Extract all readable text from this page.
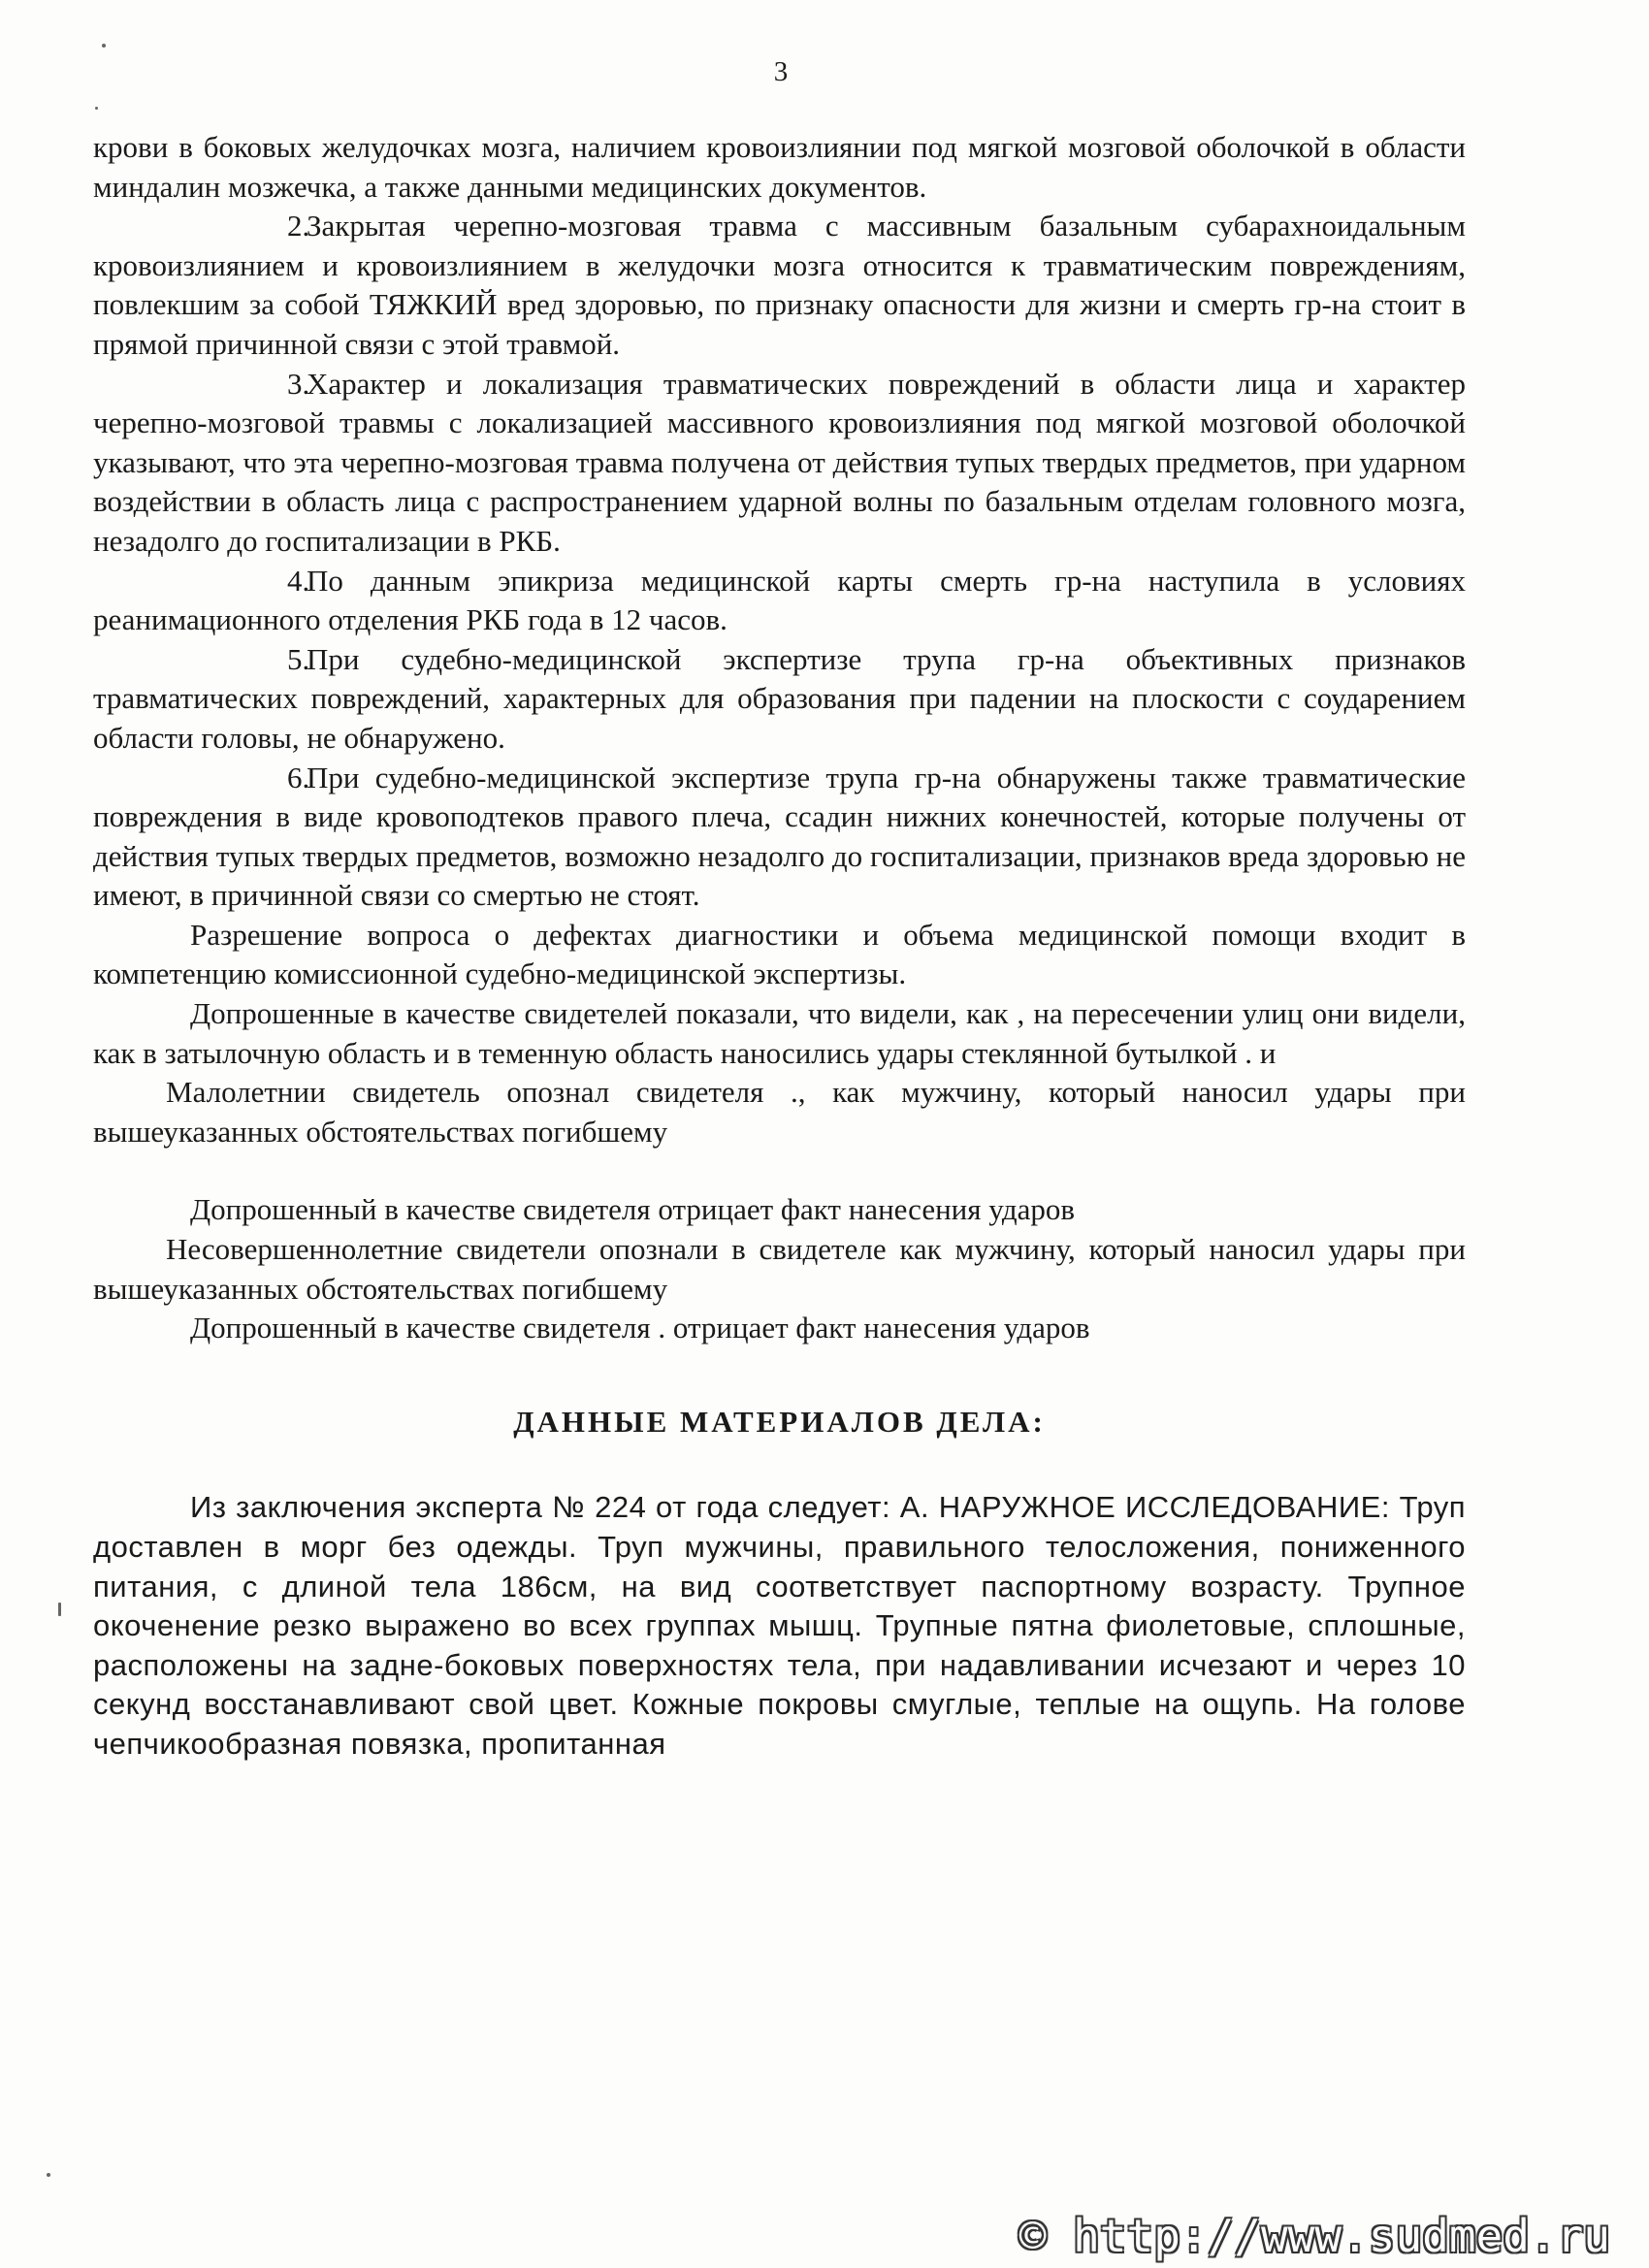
3

крови в боковых желудочках мозга, наличием кровоизлиянии под мягкой мозговой оболочкой в области миндалин мозжечка, а также данными медицинских документов.

2.Закрытая черепно-мозговая травма с массивным базальным субарахноидальным кровоизлиянием и кровоизлиянием в желудочки мозга относится к травматическим повреждениям, повлекшим за собой ТЯЖКИЙ вред здоровью, по признаку опасности для жизни и смерть гр-на стоит в прямой причинной связи с этой травмой.

3.Характер и локализация травматических повреждений в области лица и характер черепно-мозговой травмы с локализацией массивного кровоизлияния под мягкой мозговой оболочкой указывают, что эта черепно-мозговая травма получена от действия тупых твердых предметов, при ударном воздействии в область лица с распространением ударной волны по базальным отделам головного мозга, незадолго до госпитализации в РКБ.

4.По данным эпикриза медицинской карты смерть гр-на наступила в условиях реанимационного отделения РКБ года в 12 часов.

5.При судебно-медицинской экспертизе трупа гр-на объективных признаков травматических повреждений, характерных для образования при падении на плоскости с соударением области головы, не обнаружено.

6.При судебно-медицинской экспертизе трупа гр-на обнаружены также травматические повреждения в виде кровоподтеков правого плеча, ссадин нижних конечностей, которые получены от действия тупых твердых предметов, возможно незадолго до госпитализации, признаков вреда здоровью не имеют, в причинной связи со смертью не стоят.

Разрешение вопроса о дефектах диагностики и объема медицинской помощи входит в компетенцию комиссионной судебно-медицинской экспертизы.

Допрошенные в качестве свидетелей показали, что видели, как , на пересечении улиц они видели, как в затылочную область и в теменную область наносились удары стеклянной бутылкой . и

Малолетнии свидетель опознал свидетеля ., как мужчину, который наносил удары при вышеуказанных обстоятельствах погибшему

Допрошенный в качестве свидетеля отрицает факт нанесения ударов

Несовершеннолетние свидетели опознали в свидетеле как мужчину, который наносил удары при вышеуказанных обстоятельствах погибшему

Допрошенный в качестве свидетеля . отрицает факт нанесения ударов

ДАННЫЕ МАТЕРИАЛОВ ДЕЛА:

Из заключения эксперта № 224 от года следует: А. НАРУЖНОЕ ИССЛЕДОВАНИЕ: Труп доставлен в морг без одежды. Труп мужчины, правильного телосложения, пониженного питания, с длиной тела 186см, на вид соответствует паспортному возрасту. Трупное окоченение резко выражено во всех группах мышц. Трупные пятна фиолетовые, сплошные, расположены на задне-боковых поверхностях тела, при надавливании исчезают и через 10 секунд восстанавливают свой цвет. Кожные покровы смуглые, теплые на ощупь. На голове чепчикообразная повязка, пропитанная

© http://www.sudmed.ru
